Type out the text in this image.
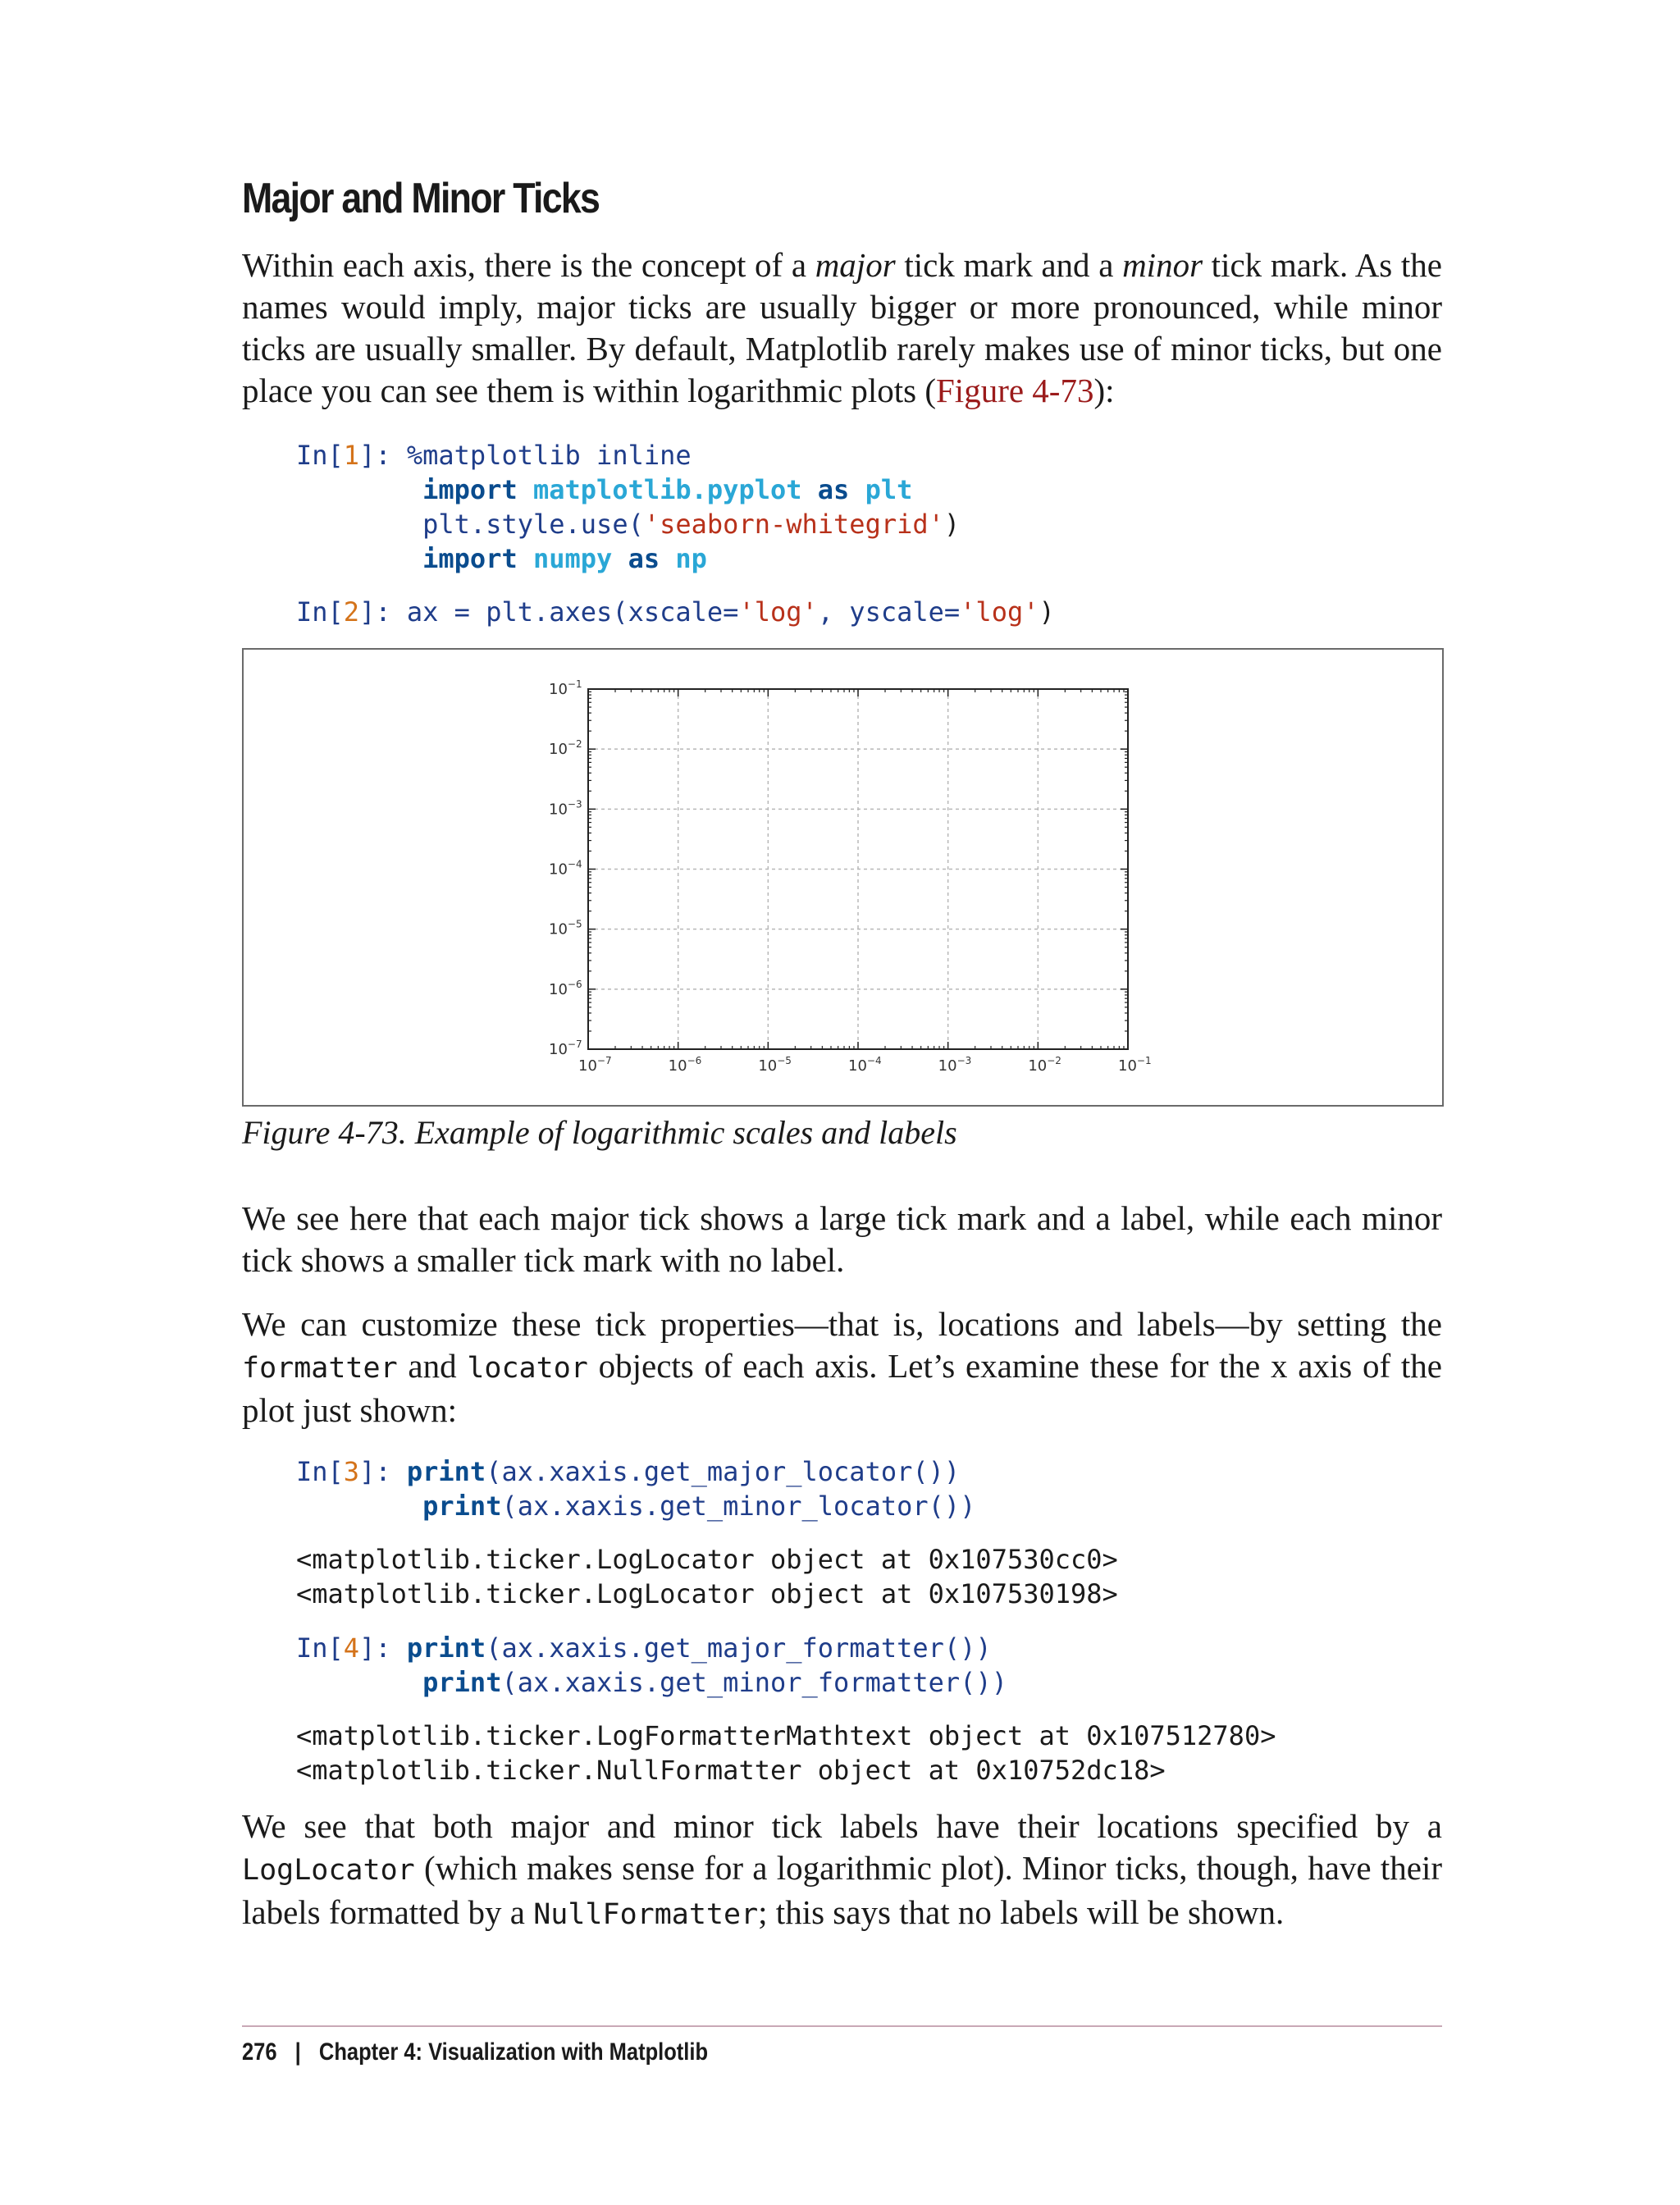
Major and Minor Ticks
Within each axis, there is the concept of a major tick mark and a minor tick mark. As the names would imply, major ticks are usually bigger or more pronounced, while minor ticks are usually smaller. By default, Matplotlib rarely makes use of minor ticks, but one place you can see them is within logarithmic plots (Figure 4-73):
In[1]: %matplotlib inline
import matplotlib.pyplot as plt
plt.style.use('seaborn-whitegrid')
import numpy as np
In[2]: ax = plt.axes(xscale='log', yscale='log')
$10^{-7}$	$10^{-6}$	$10^{-5}$	$10^{-4}$	$10^{-3}$	$10^{-2}$	$10^{-1}$
$10^{-7}$
$10^{-6}$
$10^{-5}$
$10^{-4}$
$10^{-3}$
$10^{-2}$
$10^{-1}$
Figure 4-73. Example of logarithmic scales and labels
We see here that each major tick shows a large tick mark and a label, while each minor tick shows a smaller tick mark with no label.
We can customize these tick properties—that is, locations and labels—by setting the formatter and locator objects of each axis. Let’s examine these for the x axis of the plot just shown:
In[3]: print(ax.xaxis.get_major_locator())
print(ax.xaxis.get_minor_locator())
<matplotlib.ticker.LogLocator object at 0x107530cc0>
<matplotlib.ticker.LogLocator object at 0x107530198>
In[4]: print(ax.xaxis.get_major_formatter())
print(ax.xaxis.get_minor_formatter())
<matplotlib.ticker.LogFormatterMathtext object at 0x107512780>
<matplotlib.ticker.NullFormatter object at 0x10752dc18>
We see that both major and minor tick labels have their locations specified by a LogLocator (which makes sense for a logarithmic plot). Minor ticks, though, have their labels formatted by a NullFormatter; this says that no labels will be shown.
276 | Chapter 4: Visualization with Matplotlib
